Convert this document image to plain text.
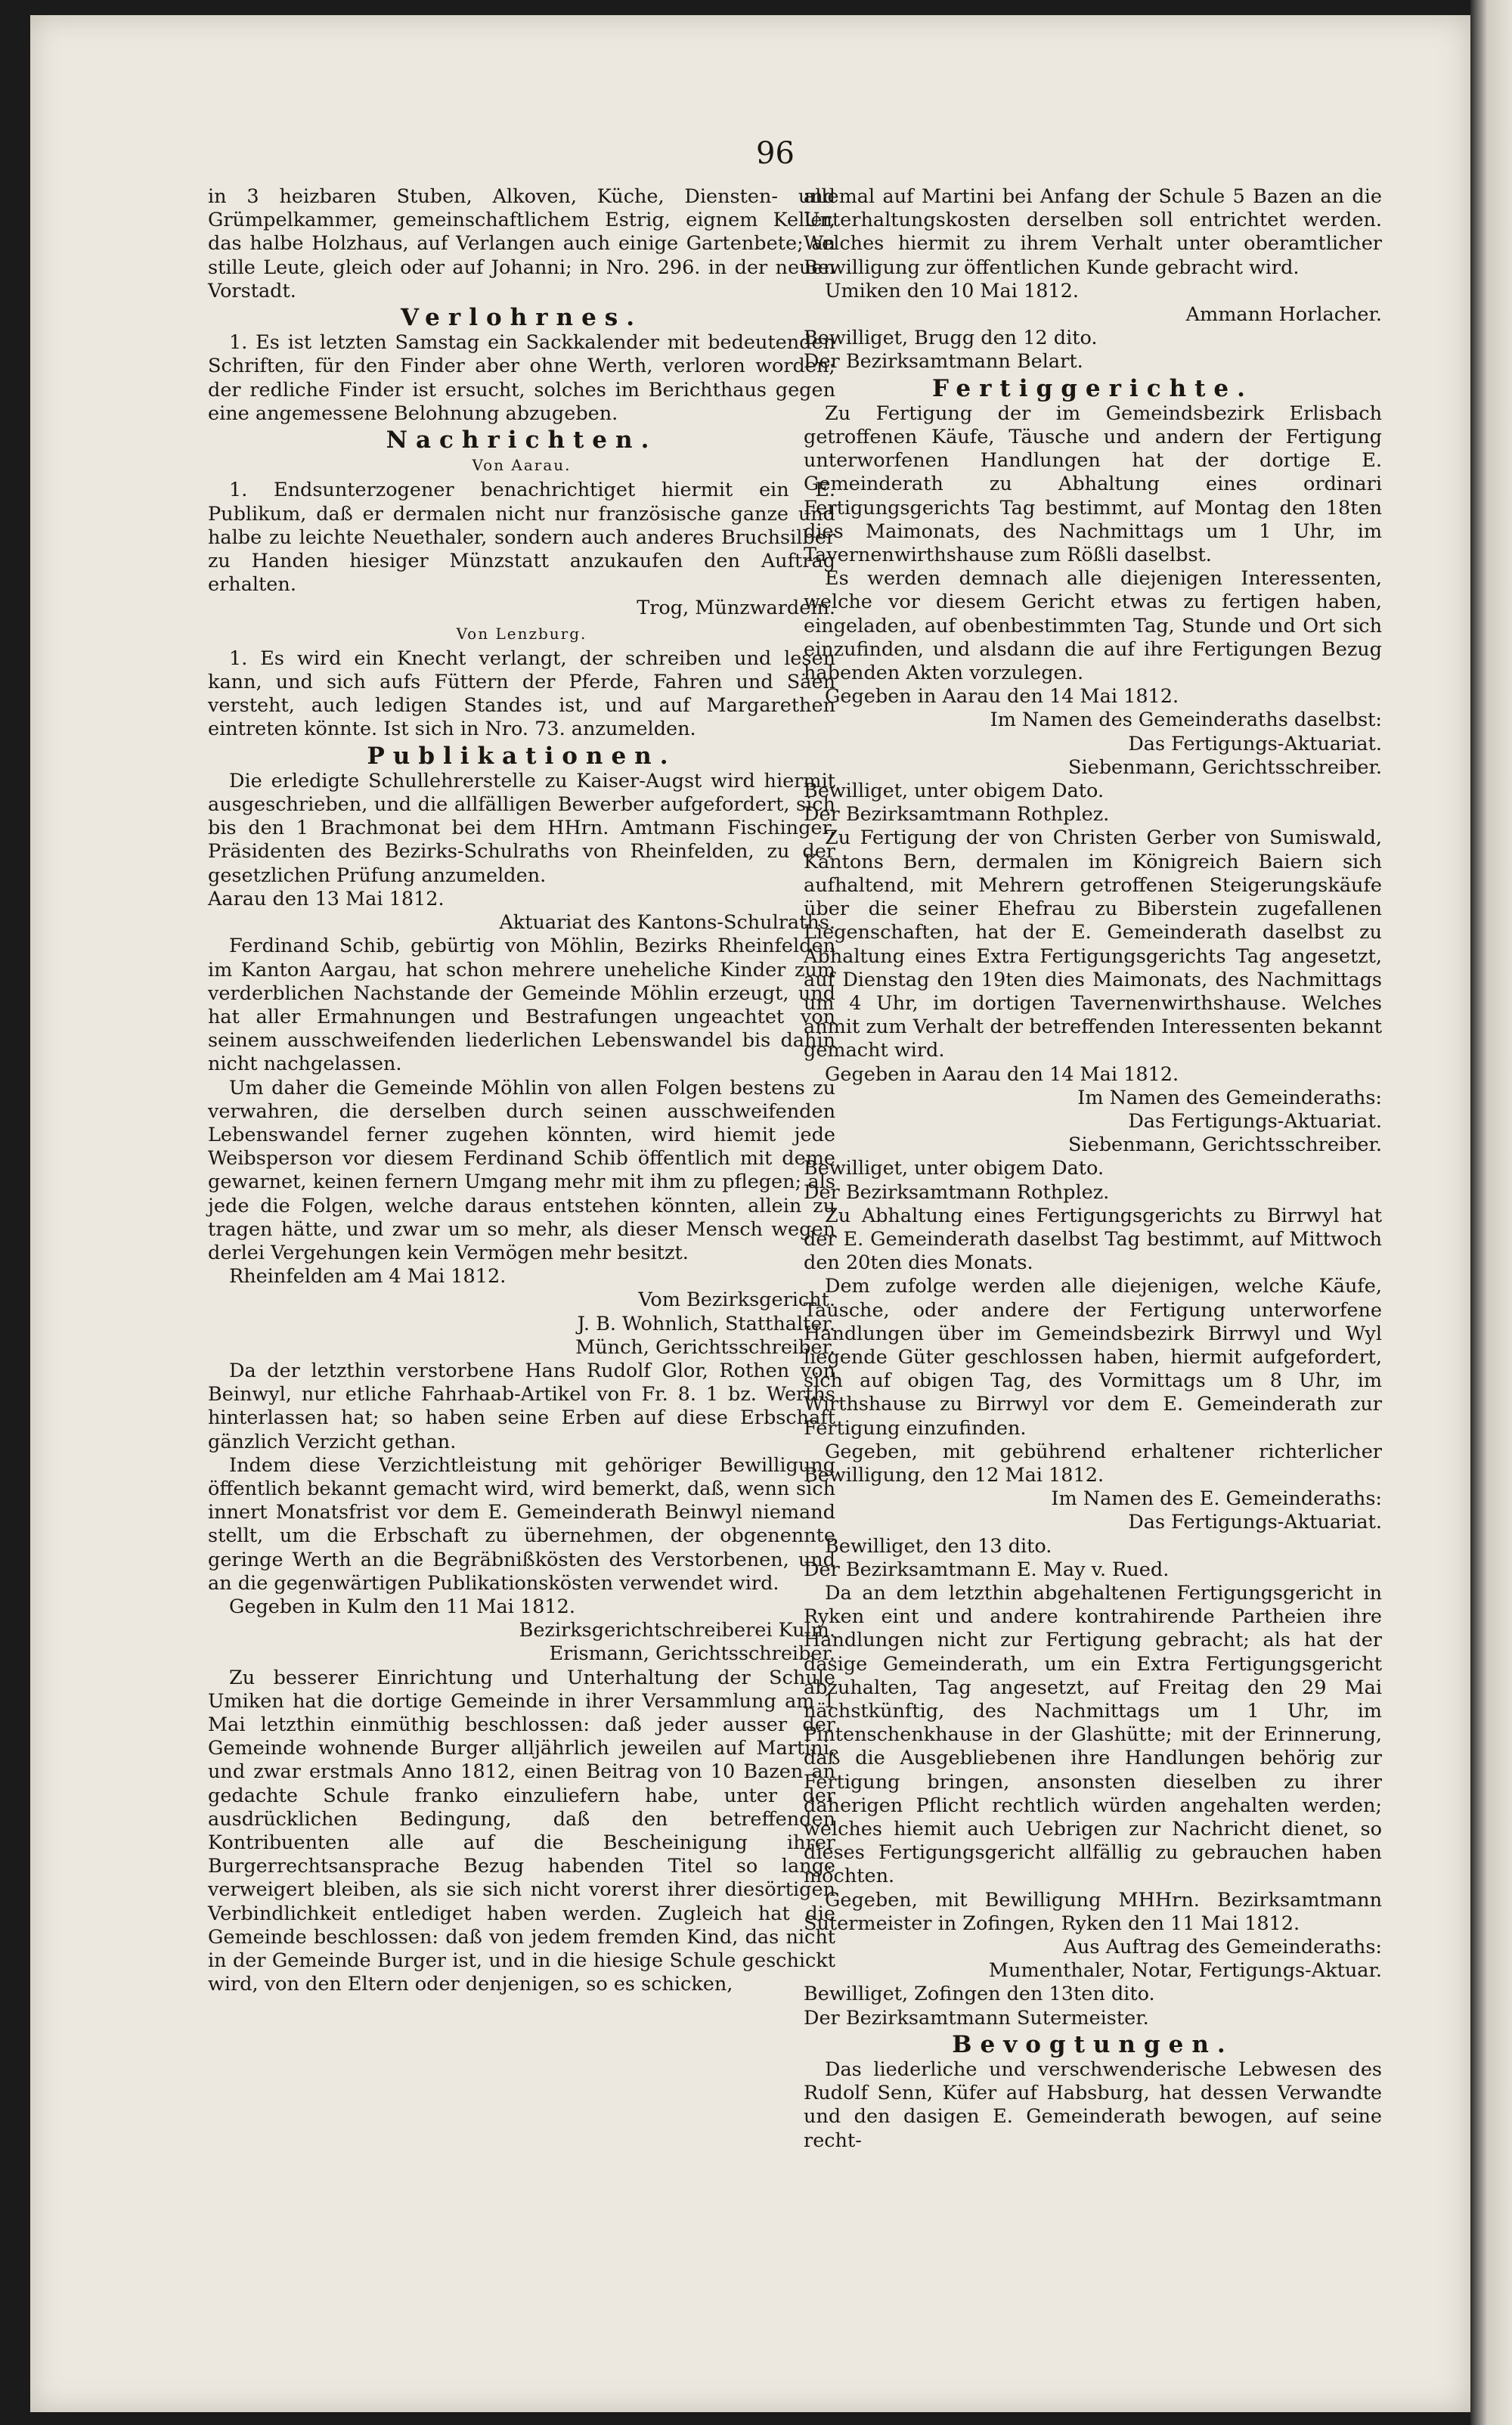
96

in 3 heizbaren Stuben, Alkoven, Küche, Diensten- und Grümpelkammer, gemeinschaftlichem Estrig, eignem Keller, das halbe Holzhaus, auf Verlangen auch einige Gartenbete; an stille Leute, gleich oder auf Johanni; in Nro. 296. in der neuen Vorstadt.

Verlohrnes.

1. Es ist letzten Samstag ein Sackkalender mit bedeutenden Schriften, für den Finder aber ohne Werth, verloren worden; der redliche Finder ist ersucht, solches im Berichthaus gegen eine angemessene Belohnung abzugeben.

Nachrichten.
Von Aarau.

1. Endsunterzogener benachrichtiget hiermit ein E. Publikum, daß er dermalen nicht nur französische ganze und halbe zu leichte Neuethaler, sondern auch anderes Bruchsilber zu Handen hiesiger Münzstatt anzukaufen den Auftrag erhalten.

Trog, Münzwardein.
Von Lenzburg.

1. Es wird ein Knecht verlangt, der schreiben und lesen kann, und sich aufs Füttern der Pferde, Fahren und Säen versteht, auch ledigen Standes ist, und auf Margarethen eintreten könnte. Ist sich in Nro. 73. anzumelden.

Publikationen.

Die erledigte Schullehrerstelle zu Kaiser-Augst wird hiermit ausgeschrieben, und die allfälligen Bewerber aufgefordert, sich bis den 1 Brachmonat bei dem HHrn. Amtmann Fischinger, Präsidenten des Bezirks-Schulraths von Rheinfelden, zu der gesetzlichen Prüfung anzumelden.

Aarau den 13 Mai 1812.
Aktuariat des Kantons-Schulraths.

Ferdinand Schib, gebürtig von Möhlin, Bezirks Rheinfelden im Kanton Aargau, hat schon mehrere uneheliche Kinder zum verderblichen Nachstande der Gemeinde Möhlin erzeugt, und hat aller Ermahnungen und Bestrafungen ungeachtet von seinem ausschweifenden liederlichen Lebenswandel bis dahin nicht nachgelassen.

Um daher die Gemeinde Möhlin von allen Folgen bestens zu verwahren, die derselben durch seinen ausschweifenden Lebenswandel ferner zugehen könnten, wird hiemit jede Weibsperson vor diesem Ferdinand Schib öffentlich mit deme gewarnet, keinen fernern Umgang mehr mit ihm zu pflegen; als jede die Folgen, welche daraus entstehen könnten, allein zu tragen hätte, und zwar um so mehr, als dieser Mensch wegen derlei Vergehungen kein Vermögen mehr besitzt.

Rheinfelden am 4 Mai 1812.
Vom Bezirksgericht.
J. B. Wohnlich, Statthalter.
Münch, Gerichtsschreiber.

Da der letzthin verstorbene Hans Rudolf Glor, Rothen von Beinwyl, nur etliche Fahrhaab-Artikel von Fr. 8. 1 bz. Werths hinterlassen hat; so haben seine Erben auf diese Erbschaft gänzlich Verzicht gethan.

Indem diese Verzichtleistung mit gehöriger Bewilligung öffentlich bekannt gemacht wird, wird bemerkt, daß, wenn sich innert Monatsfrist vor dem E. Gemeinderath Beinwyl niemand stellt, um die Erbschaft zu übernehmen, der obgenennte geringe Werth an die Begräbnißkösten des Verstorbenen, und an die gegenwärtigen Publikationskösten verwendet wird.

Gegeben in Kulm den 11 Mai 1812.
Bezirksgerichtschreiberei Kulm.
Erismann, Gerichtsschreiber.

Zu besserer Einrichtung und Unterhaltung der Schule Umiken hat die dortige Gemeinde in ihrer Versammlung am 1 Mai letzthin einmüthig beschlossen: daß jeder ausser der Gemeinde wohnende Burger alljährlich jeweilen auf Martini, und zwar erstmals Anno 1812, einen Beitrag von 10 Bazen an gedachte Schule franko einzuliefern habe, unter der ausdrücklichen Bedingung, daß den betreffenden Kontribuenten alle auf die Bescheinigung ihrer Burgerrechtsansprache Bezug habenden Titel so lange verweigert bleiben, als sie sich nicht vorerst ihrer diesörtigen Verbindlichkeit entlediget haben werden. Zugleich hat die Gemeinde beschlossen: daß von jedem fremden Kind, das nicht in der Gemeinde Burger ist, und in die hiesige Schule geschickt wird, von den Eltern oder denjenigen, so es schicken,

allemal auf Martini bei Anfang der Schule 5 Bazen an die Unterhaltungskosten derselben soll entrichtet werden. Welches hiermit zu ihrem Verhalt unter oberamtlicher Bewilligung zur öffentlichen Kunde gebracht wird.

Umiken den 10 Mai 1812.
Ammann Horlacher.
Bewilliget, Brugg den 12 dito.
Der Bezirksamtmann Belart.
Fertiggerichte.

Zu Fertigung der im Gemeindsbezirk Erlisbach getroffenen Käufe, Täusche und andern der Fertigung unterworfenen Handlungen hat der dortige E. Gemeinderath zu Abhaltung eines ordinari Fertigungsgerichts Tag bestimmt, auf Montag den 18ten dies Maimonats, des Nachmittags um 1 Uhr, im Tavernenwirthshause zum Rößli daselbst.

Es werden demnach alle diejenigen Interessenten, welche vor diesem Gericht etwas zu fertigen haben, eingeladen, auf obenbestimmten Tag, Stunde und Ort sich einzufinden, und alsdann die auf ihre Fertigungen Bezug habenden Akten vorzulegen.

Gegeben in Aarau den 14 Mai 1812.
Im Namen des Gemeinderaths daselbst:
Das Fertigungs-Aktuariat.
Siebenmann, Gerichtsschreiber.
Bewilliget, unter obigem Dato.
Der Bezirksamtmann Rothplez.

Zu Fertigung der von Christen Gerber von Sumiswald, Kantons Bern, dermalen im Königreich Baiern sich aufhaltend, mit Mehrern getroffenen Steigerungskäufe über die seiner Ehefrau zu Biberstein zugefallenen Liegenschaften, hat der E. Gemeinderath daselbst zu Abhaltung eines Extra Fertigungsgerichts Tag angesetzt, auf Dienstag den 19ten dies Maimonats, des Nachmittags um 4 Uhr, im dortigen Tavernenwirthshause. Welches anmit zum Verhalt der betreffenden Interessenten bekannt gemacht wird.

Gegeben in Aarau den 14 Mai 1812.
Im Namen des Gemeinderaths:
Das Fertigungs-Aktuariat.
Siebenmann, Gerichtsschreiber.
Bewilliget, unter obigem Dato.
Der Bezirksamtmann Rothplez.

Zu Abhaltung eines Fertigungsgerichts zu Birrwyl hat der E. Gemeinderath daselbst Tag bestimmt, auf Mittwoch den 20ten dies Monats.

Dem zufolge werden alle diejenigen, welche Käufe, Tausche, oder andere der Fertigung unterworfene Handlungen über im Gemeindsbezirk Birrwyl und Wyl liegende Güter geschlossen haben, hiermit aufgefordert, sich auf obigen Tag, des Vormittags um 8 Uhr, im Wirthshause zu Birrwyl vor dem E. Gemeinderath zur Fertigung einzufinden.

Gegeben, mit gebührend erhaltener richterlicher Bewilligung, den 12 Mai 1812.

Im Namen des E. Gemeinderaths:
Das Fertigungs-Aktuariat.
Bewilliget, den 13 dito.
Der Bezirksamtmann E. May v. Rued.

Da an dem letzthin abgehaltenen Fertigungsgericht in Ryken eint und andere kontrahirende Partheien ihre Handlungen nicht zur Fertigung gebracht; als hat der dasige Gemeinderath, um ein Extra Fertigungsgericht abzuhalten, Tag angesetzt, auf Freitag den 29 Mai nächstkünftig, des Nachmittags um 1 Uhr, im Pintenschenkhause in der Glashütte; mit der Erinnerung, daß die Ausgebliebenen ihre Handlungen behörig zur Fertigung bringen, ansonsten dieselben zu ihrer daherigen Pflicht rechtlich würden angehalten werden; welches hiemit auch Uebrigen zur Nachricht dienet, so dieses Fertigungsgericht allfällig zu gebrauchen haben möchten.

Gegeben, mit Bewilligung MHHrn. Bezirksamtmann Sutermeister in Zofingen, Ryken den 11 Mai 1812.

Aus Auftrag des Gemeinderaths:
Mumenthaler, Notar, Fertigungs-Aktuar.
Bewilliget, Zofingen den 13ten dito.
Der Bezirksamtmann Sutermeister.
Bevogtungen.

Das liederliche und verschwenderische Lebwesen des Rudolf Senn, Küfer auf Habsburg, hat dessen Verwandte und den dasigen E. Gemeinderath bewogen, auf seine recht-
